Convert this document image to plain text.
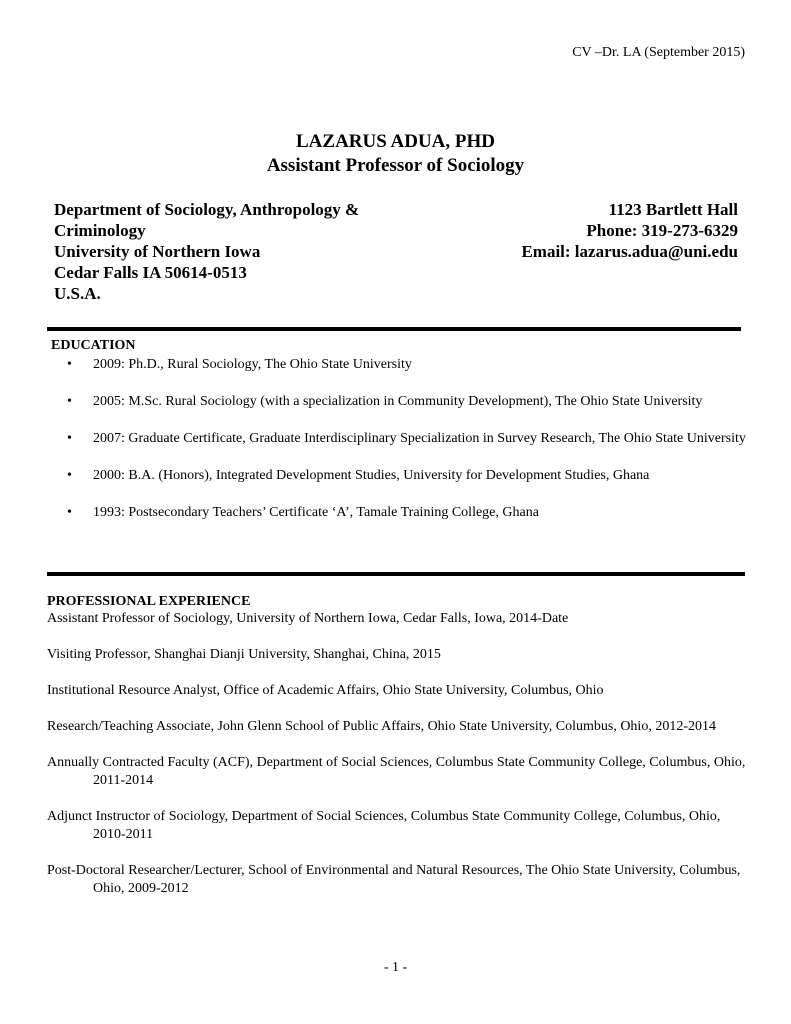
CV –Dr. LA (September 2015)
LAZARUS ADUA, PHD
Assistant Professor of Sociology
Department of Sociology, Anthropology &
Criminology
University of Northern Iowa
Cedar Falls IA 50614-0513
U.S.A.
1123 Bartlett Hall
Phone: 319-273-6329
Email: lazarus.adua@uni.edu
EDUCATION
• 2009: Ph.D., Rural Sociology, The Ohio State University
• 2005: M.Sc. Rural Sociology (with a specialization in Community Development), The Ohio State University
• 2007: Graduate Certificate, Graduate Interdisciplinary Specialization in Survey Research, The Ohio State University
• 2000: B.A. (Honors), Integrated Development Studies, University for Development Studies, Ghana
• 1993: Postsecondary Teachers’ Certificate ‘A’, Tamale Training College, Ghana
PROFESSIONAL EXPERIENCE
Assistant Professor of Sociology, University of Northern Iowa, Cedar Falls, Iowa, 2014-Date
Visiting Professor, Shanghai Dianji University, Shanghai, China, 2015
Institutional Resource Analyst, Office of Academic Affairs, Ohio State University, Columbus, Ohio
Research/Teaching Associate, John Glenn School of Public Affairs, Ohio State University, Columbus, Ohio, 2012-2014
Annually Contracted Faculty (ACF), Department of Social Sciences, Columbus State Community College, Columbus, Ohio, 2011-2014
Adjunct Instructor of Sociology, Department of Social Sciences, Columbus State Community College, Columbus, Ohio, 2010-2011
Post-Doctoral Researcher/Lecturer, School of Environmental and Natural Resources, The Ohio State University, Columbus, Ohio, 2009-2012
- 1 -
